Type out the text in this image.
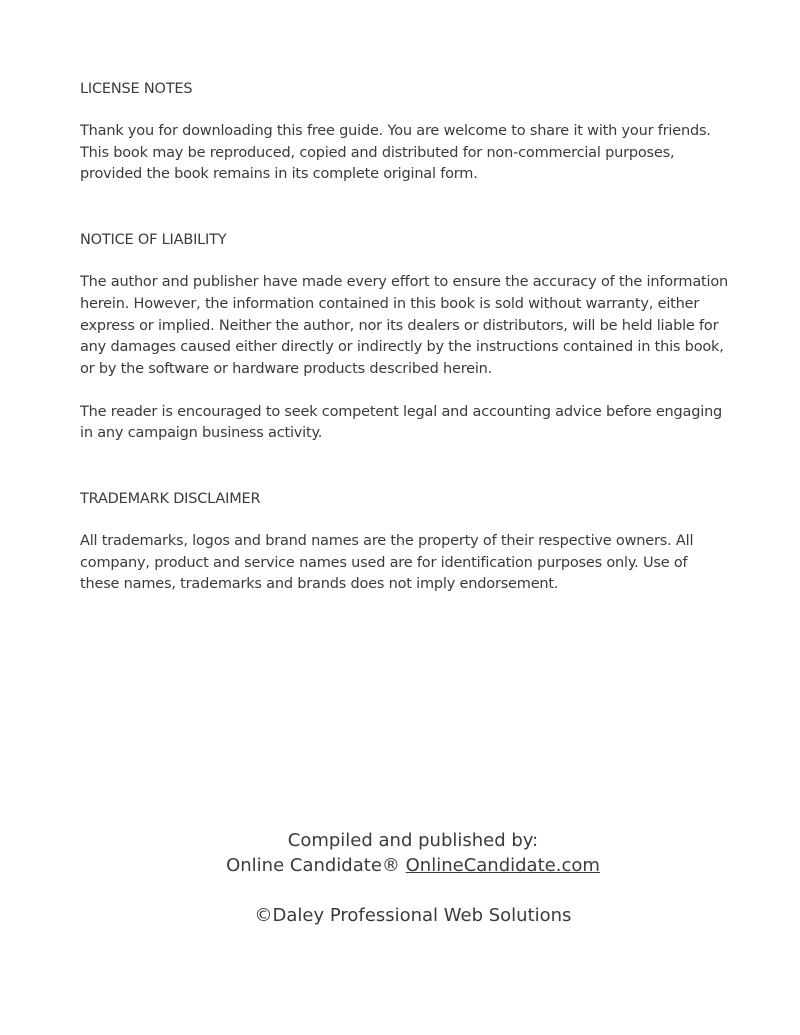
LICENSE NOTES

Thank you for downloading this free guide. You are welcome to share it with your friends. This book may be reproduced, copied and distributed for non-commercial purposes, provided the book remains in its complete original form.

NOTICE OF LIABILITY

The author and publisher have made every effort to ensure the accuracy of the information herein. However, the information contained in this book is sold without warranty, either express or implied. Neither the author, nor its dealers or distributors, will be held liable for any damages caused either directly or indirectly by the instructions contained in this book, or by the software or hardware products described herein.

The reader is encouraged to seek competent legal and accounting advice before engaging in any campaign business activity.

TRADEMARK DISCLAIMER

All trademarks, logos and brand names are the property of their respective owners. All company, product and service names used are for identification purposes only. Use of these names, trademarks and brands does not imply endorsement.

Compiled and published by:

Online Candidate® OnlineCandidate.com

©Daley Professional Web Solutions
